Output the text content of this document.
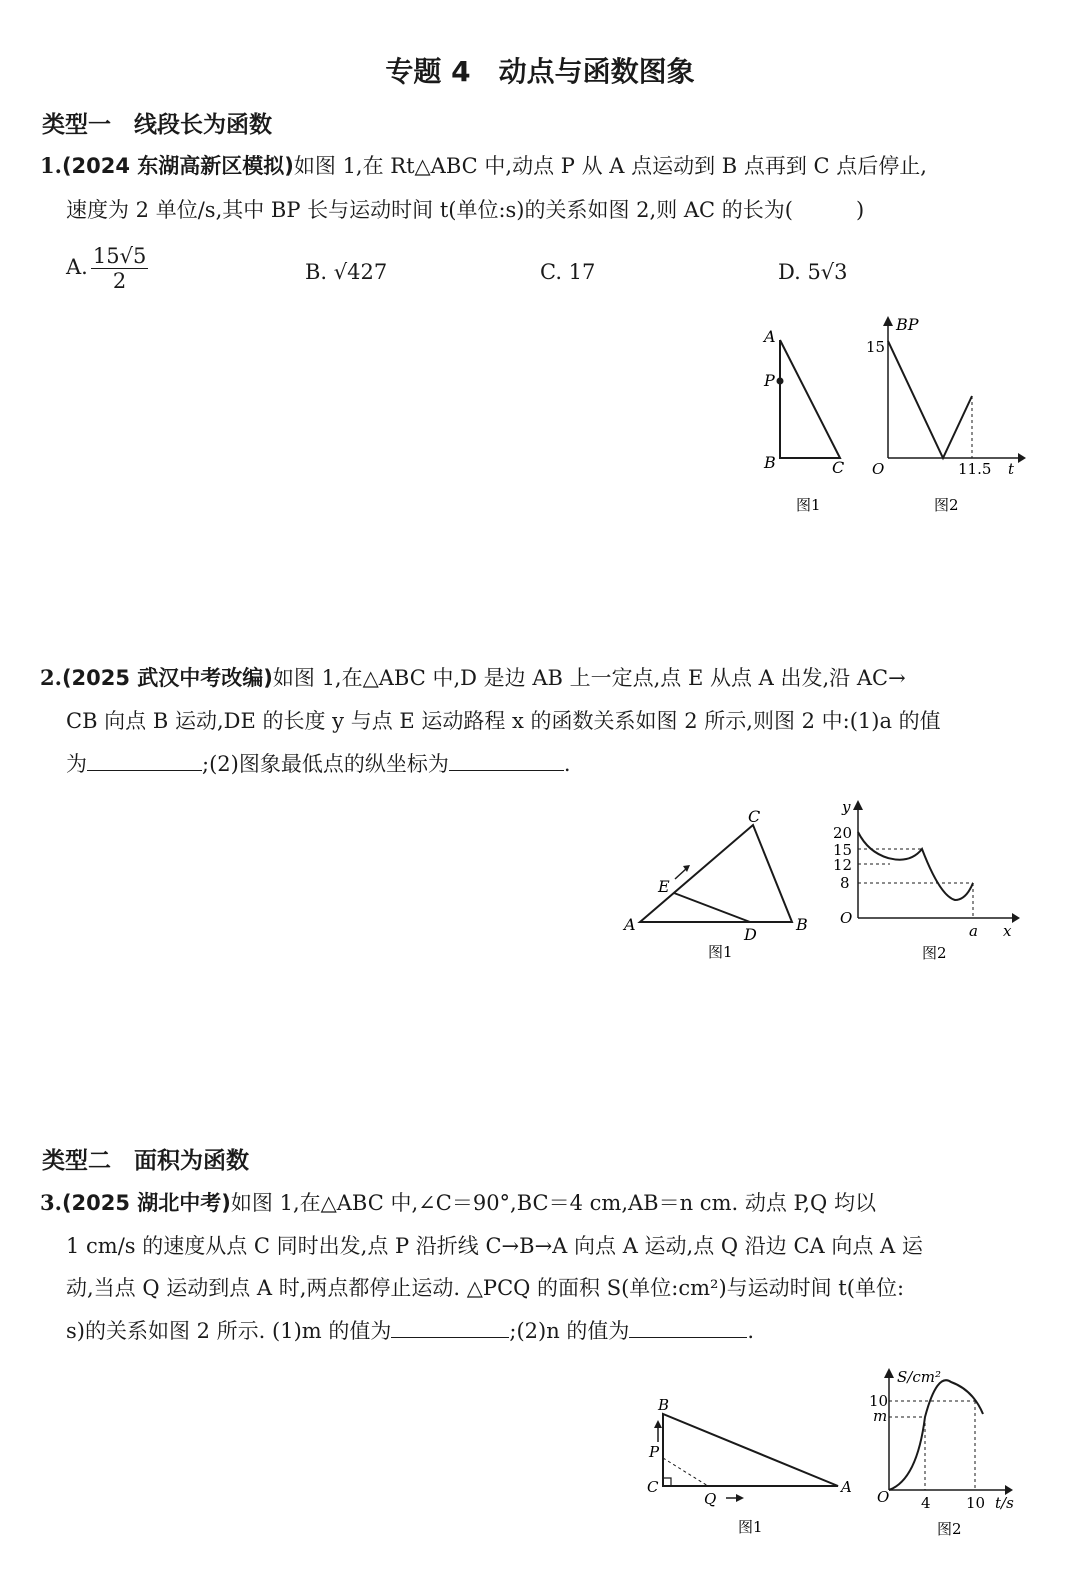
专题 4　动点与函数图象
类型一　线段长为函数
1.(2024 东湖高新区模拟)如图 1,在 Rt△ABC 中,动点 P 从 A 点运动到 B 点再到 C 点后停止,
速度为 2 单位/s,其中 BP 长与运动时间 t(单位:s)的关系如图 2,则 AC 的长为(　　　)
A. $\frac{15√5}{2}$	B. √427	C. 17	D. 5√3
A
P
B	C
图1
BP
15
O	11.5 t
图2
2.(2025 武汉中考改编)如图 1,在△ABC 中,D 是边 AB 上一定点,点 E 从点 A 出发,沿 AC→
CB 向点 B 运动,DE 的长度 y 与点 E 运动路程 x 的函数关系如图 2 所示,则图 2 中:(1)a 的值
为	;(2)图象最低点的纵坐标为	.
A	B
C
D
E
图1
y
20
15
12
8
O
a x
图2
类型二　面积为函数
3.(2025 湖北中考)如图 1,在△ABC 中,∠C＝90°,BC＝4 cm,AB＝n cm. 动点 P,Q 均以
1 cm/s 的速度从点 C 同时出发,点 P 沿折线 C→B→A 向点 A 运动,点 Q 沿边 CA 向点 A 运
动,当点 Q 运动到点 A 时,两点都停止运动. △PCQ 的面积 S(单位:cm²)与运动时间 t(单位:
s)的关系如图 2 所示. (1)m 的值为	;(2)n 的值为	.
B
P
C
Q
A
图1
S/cm²
10
m
O 4 10 t/s
图2
